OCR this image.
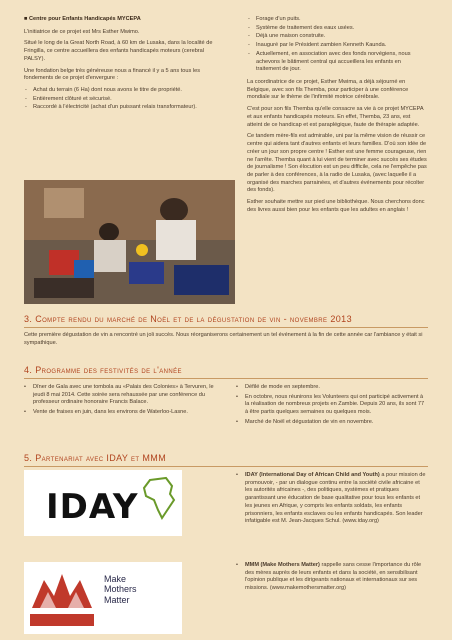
■ Centre pour Enfants Handicapés MYCEPA

L'initiatrice de ce projet est Mrs Esther Mwimo.

Situé le long de la Great North Road, à 60 km de Lusaka, dans la localité de Fringilla, ce centre accueillera des enfants handicapés moteurs (cerebral PALSY).

Une fondation belge très généreuse nous a financé il y a 5 ans tous les fondements de ce projet d'envergure :

- Achat du terrain (6 Ha) dont nous avons le titre de propriété.
- Entièrement clôturé et sécurisé.
- Raccordé à l'électricité (achat d'un puissant relais transformateur).
- Forage d'un puits.
- Système de traitement des eaux usées.
- Déjà une maison construite.
- Inauguré par le Président zambien Kenneth Kaunda.
- Actuellement, en association avec des fonds norvégiens, nous achevons le bâtiment central qui accueillera les enfants en traitement de jour.

La coordinatrice de ce projet, Esther Mwima, a déjà séjourné en Belgique, avec son fils Themba, pour participer à une conférence mondiale sur le thème de l'infirmité motrice cérébrale.

C'est pour son fils Themba qu'elle consacre sa vie à ce projet MYCEPA et aux enfants handicapés moteurs. En effet, Themba, 23 ans, est atteint de ce handicap et est paraplégique, faute de thérapie adaptée.

Ce tandem mère-fils est admirable, uni par la même vision de réussir ce centre qui aidera tant d'autres enfants et leurs familles. D'où son idée de créer un jour son propre centre ! Esther est une femme courageuse, rien ne l'arrête. Themba quant à lui vient de terminer avec succès ses études de journalisme ! Son élocution est un peu difficile, cela ne l'empêche pas de parler à des conférences, à la radio de Lusaka, (avec laquelle il a organisé des marches parrainées, et d'autres événements pour récolter des fonds).

Esther souhaite mettre sur pied une bibliothèque. Nous cherchons donc des livres aussi bien pour les enfants que les adultes en anglais !

3. Compte rendu du marché de Noël et de la dégustation de vin - novembre 2013

Cette première dégustation de vin a rencontré un joli succès. Nous réorganiserons certainement un tel événement à la fin de cette année car l'ambiance y était si sympathique.

4. Programme des festivités de l'année
• Dîner de Gala avec une tombola au «Palais des Colonies» à Tervuren, le jeudi 8 mai 2014. Cette soirée sera rehaussée par une conférence du professeur ordinaire honoraire Francis Balace.
• Vente de fraises en juin, dans les environs de Waterloo-Lasne.
• Défilé de mode en septembre.
• En octobre, nous réunirons les Volunteers qui ont participé activement à la réalisation de nombreux projets en Zambie. Depuis 20 ans, ils sont 77 à être partis quelques semaines ou quelques mois.
• Marché de Noël et dégustation de vin en novembre.
5. Partenariat avec IDAY et MMM
IDAY
• IDAY (International Day of African Child and Youth) a pour mission de promouvoir, - par un dialogue continu entre la société civile africaine et les autorités africaines -, des politiques, systèmes et pratiques garantissant une éducation de base qualitative pour tous les enfants et les jeunes en Afrique, y compris les enfants soldats, les enfants prisonniers, les enfants esclaves ou les enfants handicapés. Son leader infatigable est M. Jean-Jacques Schul. (www.iday.org)
Make
Mothers
Matter
• MMM (Make Mothers Matter) rappelle sans cesse l'importance du rôle des mères auprès de leurs enfants et dans la société, en sensibilisant l'opinion publique et les dirigeants nationaux et internationaux sur ses missions. (www.makemothersmatter.org)
